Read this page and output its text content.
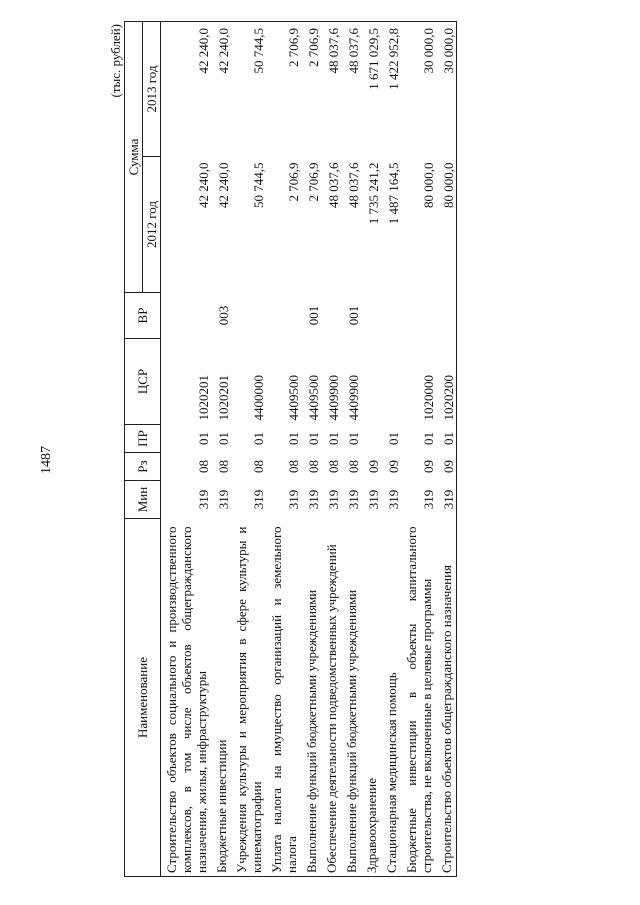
1487
(тыс. рублей)
Наименование	Мин	Рз	ПР	ЦСР	ВР	Сумма	
						2012 год	2013 год
Строительство объектов социального и производственного комплексов, в том числе объектов общегражданского назначения, жилья, инфраструктуры	319	08	01	1020201		42 240,0	42 240,0
Бюджетные инвестиции	319	08	01	1020201	003	42 240,0	42 240,0
Учреждения культуры и мероприятия в сфере культуры и кинематографии	319	08	01	4400000		50 744,5	50 744,5
Уплата налога на имущество организаций и земельного налога	319	08	01	4409500		2 706,9	2 706,9
Выполнение функций бюджетными учреждениями	319	08	01	4409500	001	2 706,9	2 706,9
Обеспечение деятельности подведомственных учреждений	319	08	01	4409900		48 037,6	48 037,6
Выполнение функций бюджетными учреждениями	319	08	01	4409900	001	48 037,6	48 037,6
Здравоохранение	319	09				1 735 241,2	1 671 029,5
Стационарная медицинская помощь	319	09	01			1 487 164,5	1 422 952,8
Бюджетные инвестиции в объекты капитального строительства, не включенные в целевые программы	319	09	01	1020000		80 000,0	30 000,0
Строительство объектов общегражданского назначения	319	09	01	1020200		80 000,0	30 000,0
